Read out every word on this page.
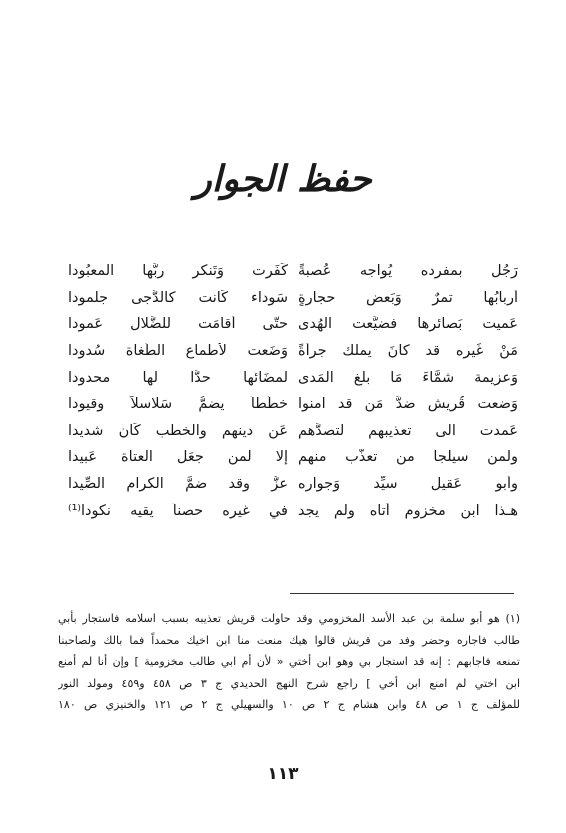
حفظ الجوار
رَجُل بمفرده يُواجه عُصبةً
كَفَرت وَتَنكر ربَّها المعبُودا
أربابُها تمرٌ وَبَعض حجارةٍ
سَوداء كَانت كالدُّجى جلمودا
عَميت بَصائرها فضيَّعت الهُدى
حتَّى أقامَت للضَّلال عَمودا
مَنْ غَيره قد كانَ يملك جرأةً
وَضَعت لأطماع الطُّغاة سُدودا
وَعزيمة شمَّاءَ مَا بلغ المَدى
لمضَائها حدًّا لها محدودا
وَضعت قُريش ضدَّ مَن قد آمنوا
خطَّطاً يضمُّ سَلاسلاً وقيودا
عَمدت الى تعذيبهم لتصدَّهم
عَن دينهم والخطب كَان شديدا
ولمن سيلجأ من تعذُّب منهم
إلا لمن جعَل العتاة عَبيدا
وأبو عَقيل سيِّد وَجواره
عزٌّ وقد ضمَّ الكرام الصِّيدا
هـذا ابن مخزومٍ أتاه ولم يجد
في غيره حصناً يقيه نكودا⁽¹⁾
(١) هو أبو سلمة بن عبد الأسد المخزومي وقد حاولت قريش تعذيبه بسبب اسلامه فاستجار بأبي
طالب فاجاره وحضر وفد من قريش قالوا هيك منعت منا ابن اخيك محمداً فما بالك ولصاحبنا
تمنعه فاجابهم : إنه قد استجار بي وهو ابن أختي « لأن أم ابي طالب مخزومية ] وإن أنا لم أمنع
ابن اختي لم امنع ابن أخي ] راجع شرح النهج الحديدي ج ٣ ص ٤٥٨ و٤٥٩ ومولد النور
للمؤلف ج ١ ص ٤٨ وابن هشام ج ٢ ص ١٠ والسهيلي ج ٢ ص ١٢١ والخنيزي ص ١٨٠
١١٣
